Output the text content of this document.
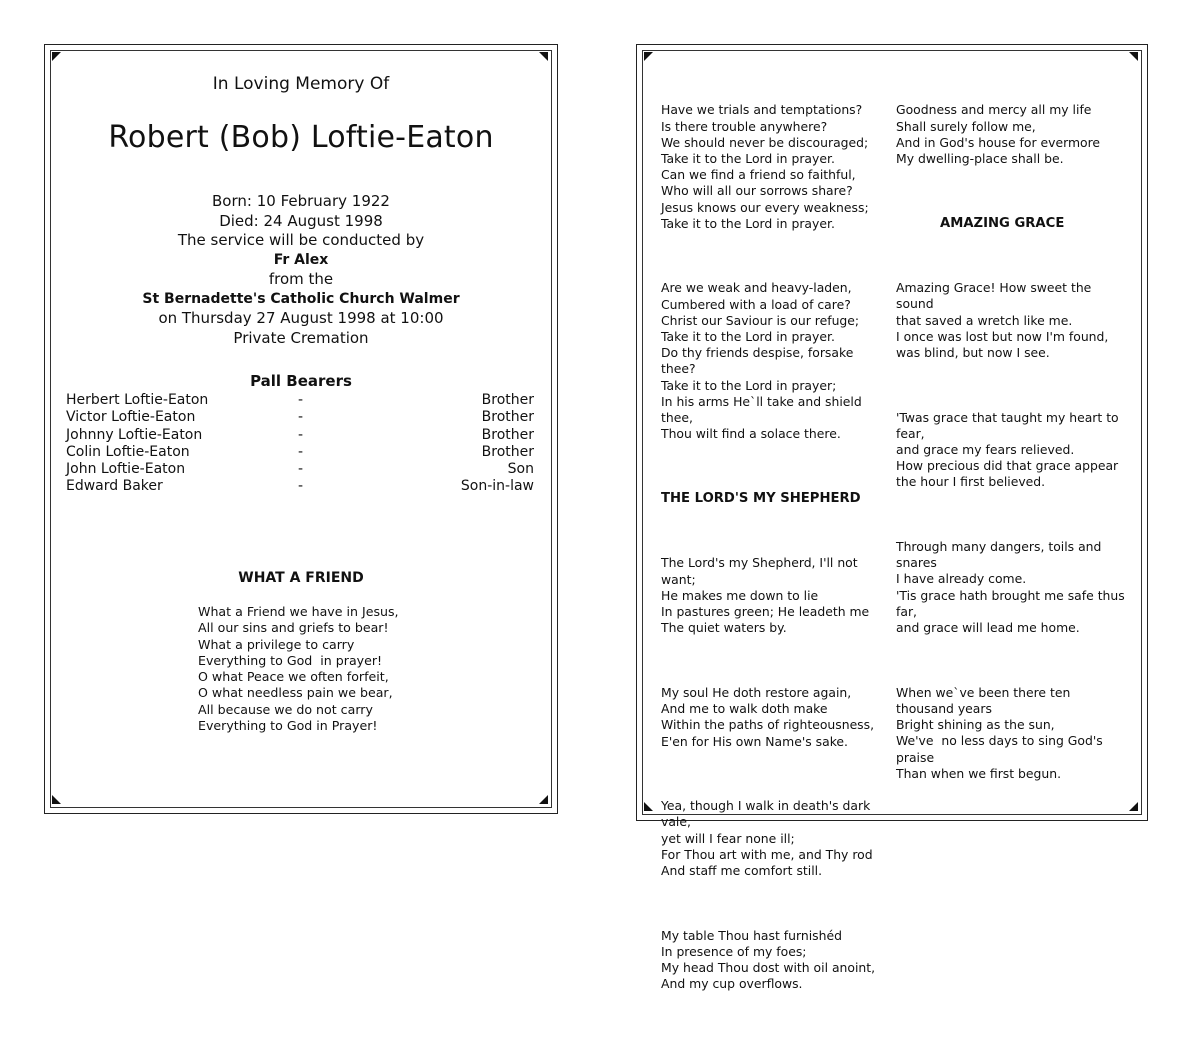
In Loving Memory Of
Robert (Bob) Loftie-Eaton
Born: 10 February 1922
Died: 24 August 1998
The service will be conducted by
Fr Alex
from the
St Bernadette's Catholic Church Walmer
on Thursday 27 August 1998 at 10:00
Private Cremation
Pall Bearers
Herbert Loftie-Eaton	-	Brother
Victor Loftie-Eaton	-	Brother
Johnny Loftie-Eaton	-	Brother
Colin Loftie-Eaton	-	Brother
John Loftie-Eaton	-	Son
Edward Baker	-	Son-in-law
WHAT A FRIEND
What a Friend we have in Jesus,
All our sins and griefs to bear!
What a privilege to carry
Everything to God  in prayer!
O what Peace we often forfeit,
O what needless pain we bear,
All because we do not carry
Everything to God in Prayer!

Have we trials and temptations?
Is there trouble anywhere?
We should never be discouraged;
Take it to the Lord in prayer.
Can we find a friend so faithful,
Who will all our sorrows share?
Jesus knows our every weakness;
Take it to the Lord in prayer.

Are we weak and heavy-laden,
Cumbered with a load of care?
Christ our Saviour is our refuge;
Take it to the Lord in prayer.
Do thy friends despise, forsake
thee?
Take it to the Lord in prayer;
In his arms He`ll take and shield
thee,
Thou wilt find a solace there.

THE LORD'S MY SHEPHERD

The Lord's my Shepherd, I'll not
want;
He makes me down to lie
In pastures green; He leadeth me
The quiet waters by.

My soul He doth restore again,
And me to walk doth make
Within the paths of righteousness,
E'en for His own Name's sake.

Yea, though I walk in death's dark
vale,
yet will I fear none ill;
For Thou art with me, and Thy rod
And staff me comfort still.

My table Thou hast furnishéd
In presence of my foes;
My head Thou dost with oil anoint,
And my cup overflows.

Goodness and mercy all my life
Shall surely follow me,
And in God's house for evermore
My dwelling-place shall be.

AMAZING GRACE

Amazing Grace! How sweet the
sound
that saved a wretch like me.
I once was lost but now I'm found,
was blind, but now I see.

'Twas grace that taught my heart to
fear,
and grace my fears relieved.
How precious did that grace appear
the hour I first believed.

Through many dangers, toils and
snares
I have already come.
'Tis grace hath brought me safe thus
far,
and grace will lead me home.

When we`ve been there ten
thousand years
Bright shining as the sun,
We've  no less days to sing God's
praise
Than when we first begun.
